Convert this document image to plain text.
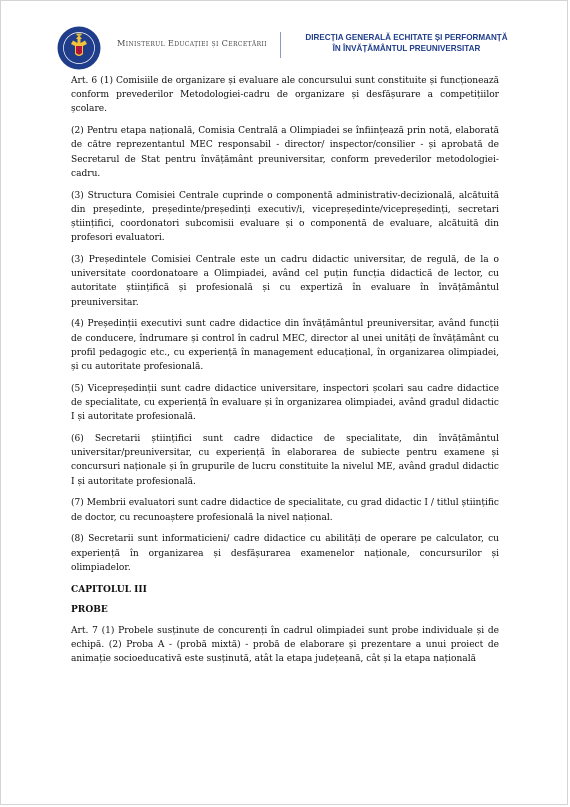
Ministerul Educației și Cercetării
DIRECȚIA GENERALĂ ECHITATE ȘI PERFORMANȚĂ
ÎN ÎNVĂȚĂMÂNTUL PREUNIVERSITAR

Art. 6 (1) Comisiile de organizare și evaluare ale concursului sunt constituite și funcționează conform prevederilor Metodologiei-cadru de organizare și desfășurare a competițiilor școlare.

(2) Pentru etapa națională, Comisia Centrală a Olimpiadei se înființează prin notă, elaborată de către reprezentantul MEC responsabil - director/ inspector/consilier - și aprobată de Secretarul de Stat pentru învățământ preuniversitar, conform prevederilor metodologiei-cadru.

(3) Structura Comisiei Centrale cuprinde o componentă administrativ-decizională, alcătuită din președinte, președinte/președinți executiv/i, vicepreședinte/vicepreședinți, secretari științifici, coordonatori subcomisii evaluare și o componentă de evaluare, alcătuită din profesori evaluatori.

(3) Președintele Comisiei Centrale este un cadru didactic universitar, de regulă, de la o universitate coordonatoare a Olimpiadei, având cel puțin funcția didactică de lector, cu autoritate științifică și profesională și cu expertiză în evaluare în învățământul preuniversitar.

(4) Președinții executivi sunt cadre didactice din învățământul preuniversitar, având funcții de conducere, îndrumare și control în cadrul MEC, director al unei unități de învățământ cu profil pedagogic etc., cu experiență în management educațional, în organizarea olimpiadei, și cu autoritate profesională.

(5) Vicepreședinții sunt cadre didactice universitare, inspectori școlari sau cadre didactice de specialitate, cu experiență în evaluare și în organizarea olimpiadei, având gradul didactic I și autoritate profesională.

(6) Secretarii științifici sunt cadre didactice de specialitate, din învățământul universitar/preuniversitar, cu experiență în elaborarea de subiecte pentru examene și concursuri naționale și în grupurile de lucru constituite la nivelul ME, având gradul didactic I și autoritate profesională.

(7) Membrii evaluatori sunt cadre didactice de specialitate, cu grad didactic I / titlul științific de doctor, cu recunoaștere profesională la nivel național.

(8) Secretarii sunt informaticieni/ cadre didactice cu abilități de operare pe calculator, cu experiență în organizarea și desfășurarea examenelor naționale, concursurilor și olimpiadelor.

CAPITOLUL III

PROBE

Art. 7 (1) Probele susținute de concurenți în cadrul olimpiadei sunt probe individuale și de echipă. (2) Proba A - (probă mixtă) - probă de elaborare și prezentare a unui proiect de animație socioeducativă este susținută, atât la etapa județeană, cât și la etapa națională
